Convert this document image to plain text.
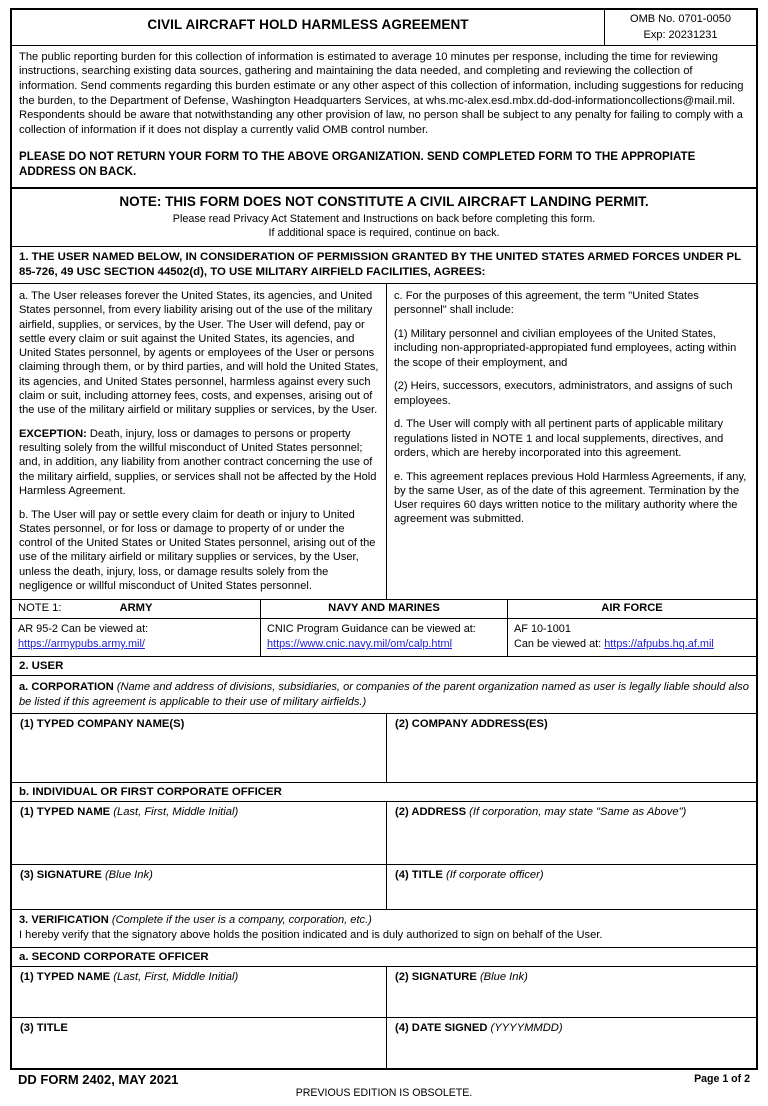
CIVIL AIRCRAFT HOLD HARMLESS AGREEMENT	OMB No. 0701-0050
Exp: 20231231

The public reporting burden for this collection of information is estimated to average 10 minutes per response, including the time for reviewing instructions, searching existing data sources, gathering and maintaining the data needed, and completing and reviewing the collection of information. Send comments regarding this burden estimate or any other aspect of this collection of information, including suggestions for reducing the burden, to the Department of Defense, Washington Headquarters Services, at whs.mc-alex.esd.mbx.dd-dod-informationcollections@mail.mil. Respondents should be aware that notwithstanding any other provision of law, no person shall be subject to any penalty for failing to comply with a collection of information if it does not display a currently valid OMB control number.

PLEASE DO NOT RETURN YOUR FORM TO THE ABOVE ORGANIZATION. SEND COMPLETED FORM TO THE APPROPIATE ADDRESS ON BACK.

NOTE: THIS FORM DOES NOT CONSTITUTE A CIVIL AIRCRAFT LANDING PERMIT.
Please read Privacy Act Statement and Instructions on back before completing this form.
If additional space is required, continue on back.
1. THE USER NAMED BELOW, IN CONSIDERATION OF PERMISSION GRANTED BY THE UNITED STATES ARMED FORCES UNDER PL 85-726, 49 USC SECTION 44502(d), TO USE MILITARY AIRFIELD FACILITIES, AGREES:

a. The User releases forever the United States, its agencies, and United States personnel, from every liability arising out of the use of the military airfield, supplies, or services, by the User. The User will defend, pay or settle every claim or suit against the United States, its agencies, and United States personnel, by agents or employees of the User or persons claiming through them, or by third parties, and will hold the United States, its agencies, and United States personnel, harmless against every such claim or suit, including attorney fees, costs, and expenses, arising out of the use of the military airfield or military supplies or services, by the User.

EXCEPTION: Death, injury, loss or damages to persons or property resulting solely from the willful misconduct of United States personnel; and, in addition, any liability from another contract concerning the use of the military airfield, supplies, or services shall not be affected by the Hold Harmless Agreement.

b. The User will pay or settle every claim for death or injury to United States personnel, or for loss or damage to property of or under the control of the United States or United States personnel, arising out of the use of the military airfield or military supplies or services, by the User, unless the death, injury, loss, or damage results solely from the negligence or willful misconduct of United States personnel.

c. For the purposes of this agreement, the term "United States personnel" shall include:

(1) Military personnel and civilian employees of the United States, including non-appropriated-appropiated fund employees, acting within the scope of their employment, and

(2) Heirs, successors, executors, administrators, and assigns of such employees.

d. The User will comply with all pertinent parts of applicable military regulations listed in NOTE 1 and local supplements, directives, and orders, which are hereby incorporated into this agreement.

e. This agreement replaces previous Hold Harmless Agreements, if any, by the same User, as of the date of this agreement. Termination by the User requires 60 days written notice to the military authority where the agreement was submitted.

NOTE 1:	ARMY	NAVY AND MARINES	AIR FORCE
AR 95-2 Can be viewed at:
https://armypubs.army.mil/
CNIC Program Guidance can be viewed at:
https://www.cnic.navy.mil/om/calp.html
AF 10-1001
Can be viewed at: https://afpubs.hq.af.mil
2. USER
a. CORPORATION (Name and address of divisions, subsidiaries, or companies of the parent organization named as user is legally liable should also be listed if this agreement is applicable to their use of military airfields.)
(1) TYPED COMPANY NAME(S)	(2) COMPANY ADDRESS(ES)
b. INDIVIDUAL OR FIRST CORPORATE OFFICER
(1) TYPED NAME (Last, First, Middle Initial)	(2) ADDRESS (If corporation, may state "Same as Above")
(3) SIGNATURE (Blue Ink)	(4) TITLE (If corporate officer)
3. VERIFICATION (Complete if the user is a company, corporation, etc.)
I hereby verify that the signatory above holds the position indicated and is duly authorized to sign on behalf of the User.
a. SECOND CORPORATE OFFICER
(1) TYPED NAME (Last, First, Middle Initial)	(2) SIGNATURE (Blue Ink)
(3) TITLE	(4) DATE SIGNED (YYYYMMDD)
DD FORM 2402, MAY 2021
PREVIOUS EDITION IS OBSOLETE.
Page 1 of 2
